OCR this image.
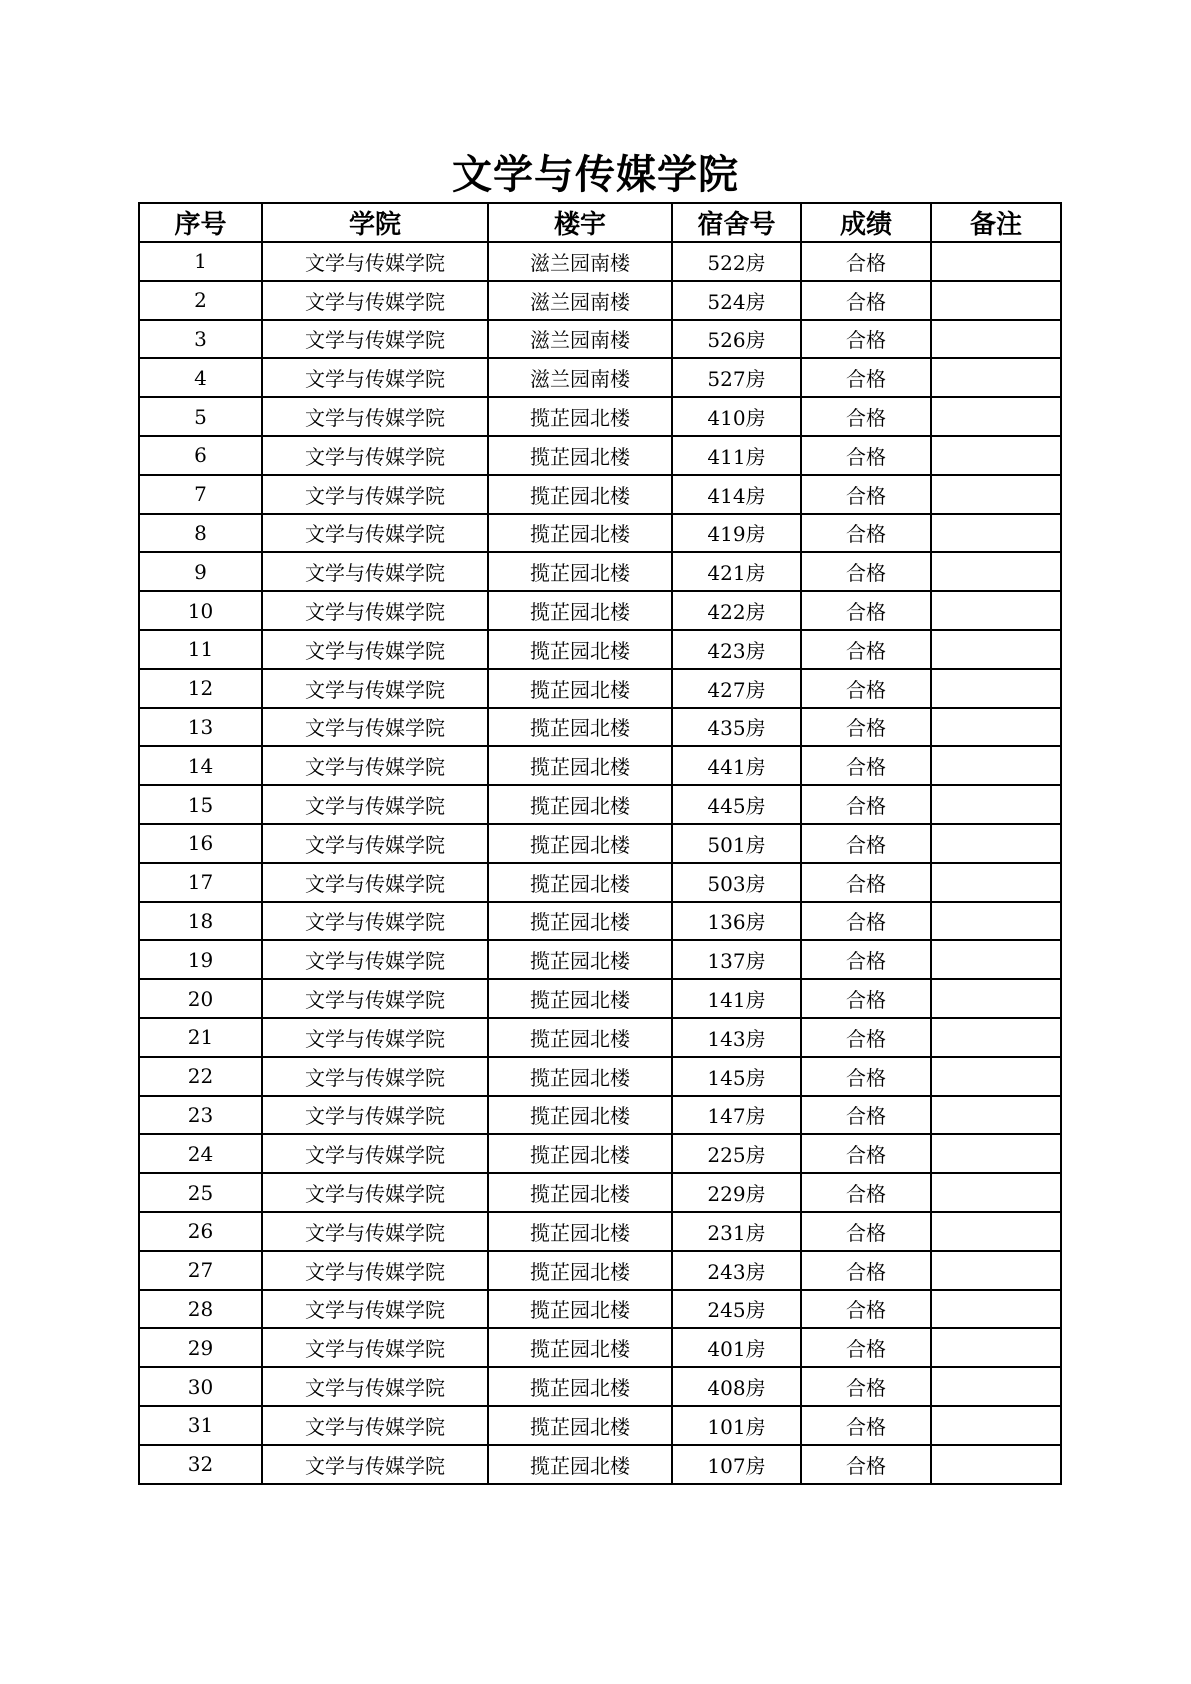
文学与传媒学院
序号	学院	楼宇	宿舍号	成绩	备注
1	文学与传媒学院	滋兰园南楼	522房	合格	
2	文学与传媒学院	滋兰园南楼	524房	合格	
3	文学与传媒学院	滋兰园南楼	526房	合格	
4	文学与传媒学院	滋兰园南楼	527房	合格	
5	文学与传媒学院	揽芷园北楼	410房	合格	
6	文学与传媒学院	揽芷园北楼	411房	合格	
7	文学与传媒学院	揽芷园北楼	414房	合格	
8	文学与传媒学院	揽芷园北楼	419房	合格	
9	文学与传媒学院	揽芷园北楼	421房	合格	
10	文学与传媒学院	揽芷园北楼	422房	合格	
11	文学与传媒学院	揽芷园北楼	423房	合格	
12	文学与传媒学院	揽芷园北楼	427房	合格	
13	文学与传媒学院	揽芷园北楼	435房	合格	
14	文学与传媒学院	揽芷园北楼	441房	合格	
15	文学与传媒学院	揽芷园北楼	445房	合格	
16	文学与传媒学院	揽芷园北楼	501房	合格	
17	文学与传媒学院	揽芷园北楼	503房	合格	
18	文学与传媒学院	揽芷园北楼	136房	合格	
19	文学与传媒学院	揽芷园北楼	137房	合格	
20	文学与传媒学院	揽芷园北楼	141房	合格	
21	文学与传媒学院	揽芷园北楼	143房	合格	
22	文学与传媒学院	揽芷园北楼	145房	合格	
23	文学与传媒学院	揽芷园北楼	147房	合格	
24	文学与传媒学院	揽芷园北楼	225房	合格	
25	文学与传媒学院	揽芷园北楼	229房	合格	
26	文学与传媒学院	揽芷园北楼	231房	合格	
27	文学与传媒学院	揽芷园北楼	243房	合格	
28	文学与传媒学院	揽芷园北楼	245房	合格	
29	文学与传媒学院	揽芷园北楼	401房	合格	
30	文学与传媒学院	揽芷园北楼	408房	合格	
31	文学与传媒学院	揽芷园北楼	101房	合格	
32	文学与传媒学院	揽芷园北楼	107房	合格	
